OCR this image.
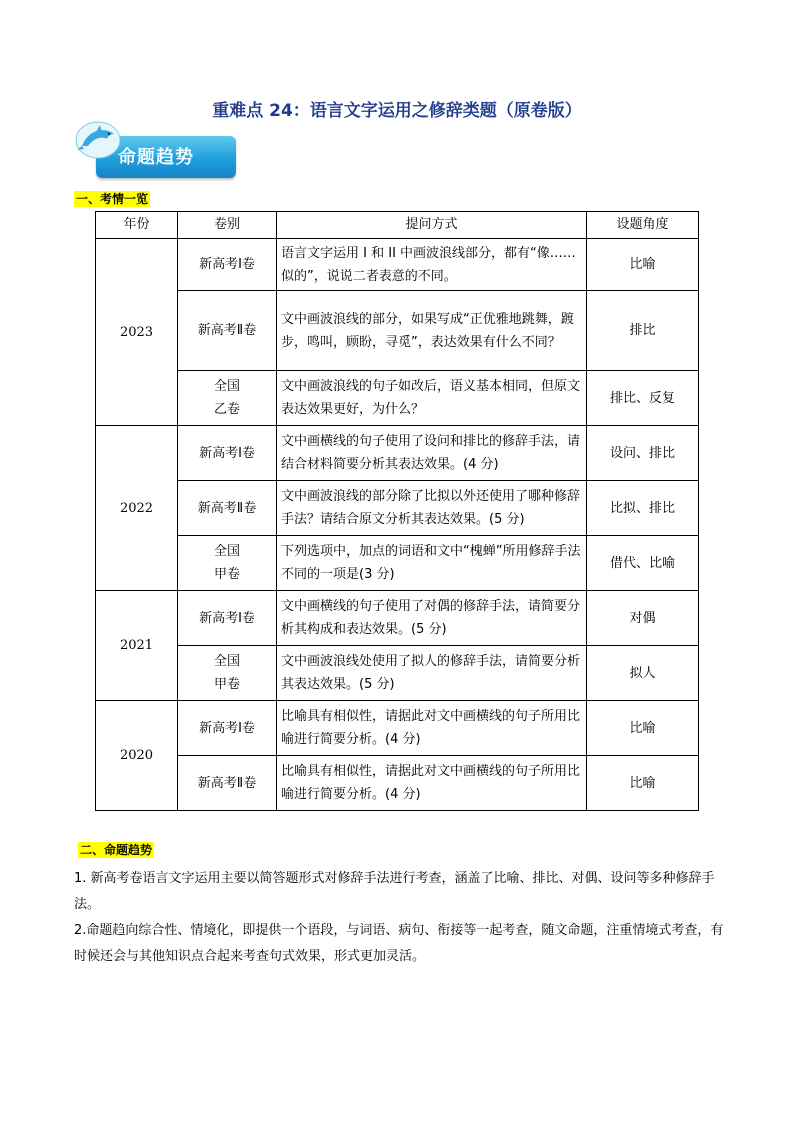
重难点 24：语言文字运用之修辞类题（原卷版）
命题趋势
一、考情一览
年份	卷别	提问方式	设题角度
2023	新高考Ⅰ卷	语言文字运用 I 和 II 中画波浪线部分，都有“像……似的”，说说二者表意的不同。	比喻
	新高考Ⅱ卷	文中画波浪线的部分，如果写成“正优雅地跳舞，踱步，鸣叫，顾盼，寻觅”，表达效果有什么不同？	排比
	全国
乙卷	文中画波浪线的句子如改后，语义基本相同，但原文表达效果更好，为什么？	排比、反复
2022	新高考Ⅰ卷	文中画横线的句子使用了设问和排比的修辞手法，请结合材料简要分析其表达效果。(4 分)	设问、排比
	新高考Ⅱ卷	文中画波浪线的部分除了比拟以外还使用了哪种修辞手法？请结合原文分析其表达效果。(5 分)	比拟、排比
	全国
甲卷	下列选项中，加点的词语和文中“槐蝉”所用修辞手法不同的一项是(3 分)	借代、比喻
2021	新高考Ⅰ卷	文中画横线的句子使用了对偶的修辞手法，请简要分析其构成和表达效果。(5 分)	对偶
	全国
甲卷	文中画波浪线处使用了拟人的修辞手法，请简要分析其表达效果。(5 分)	拟人
2020	新高考Ⅰ卷	比喻具有相似性，请据此对文中画横线的句子所用比喻进行简要分析。(4 分)	比喻
	新高考Ⅱ卷	比喻具有相似性，请据此对文中画横线的句子所用比喻进行简要分析。(4 分)	比喻
二、命题趋势
1. 新高考卷语言文字运用主要以简答题形式对修辞手法进行考查，涵盖了比喻、排比、对偶、设问等多种修辞手法。
2.命题趋向综合性、情境化，即提供一个语段，与词语、病句、衔接等一起考查，随文命题，注重情境式考查，有时候还会与其他知识点合起来考查句式效果，形式更加灵活。
